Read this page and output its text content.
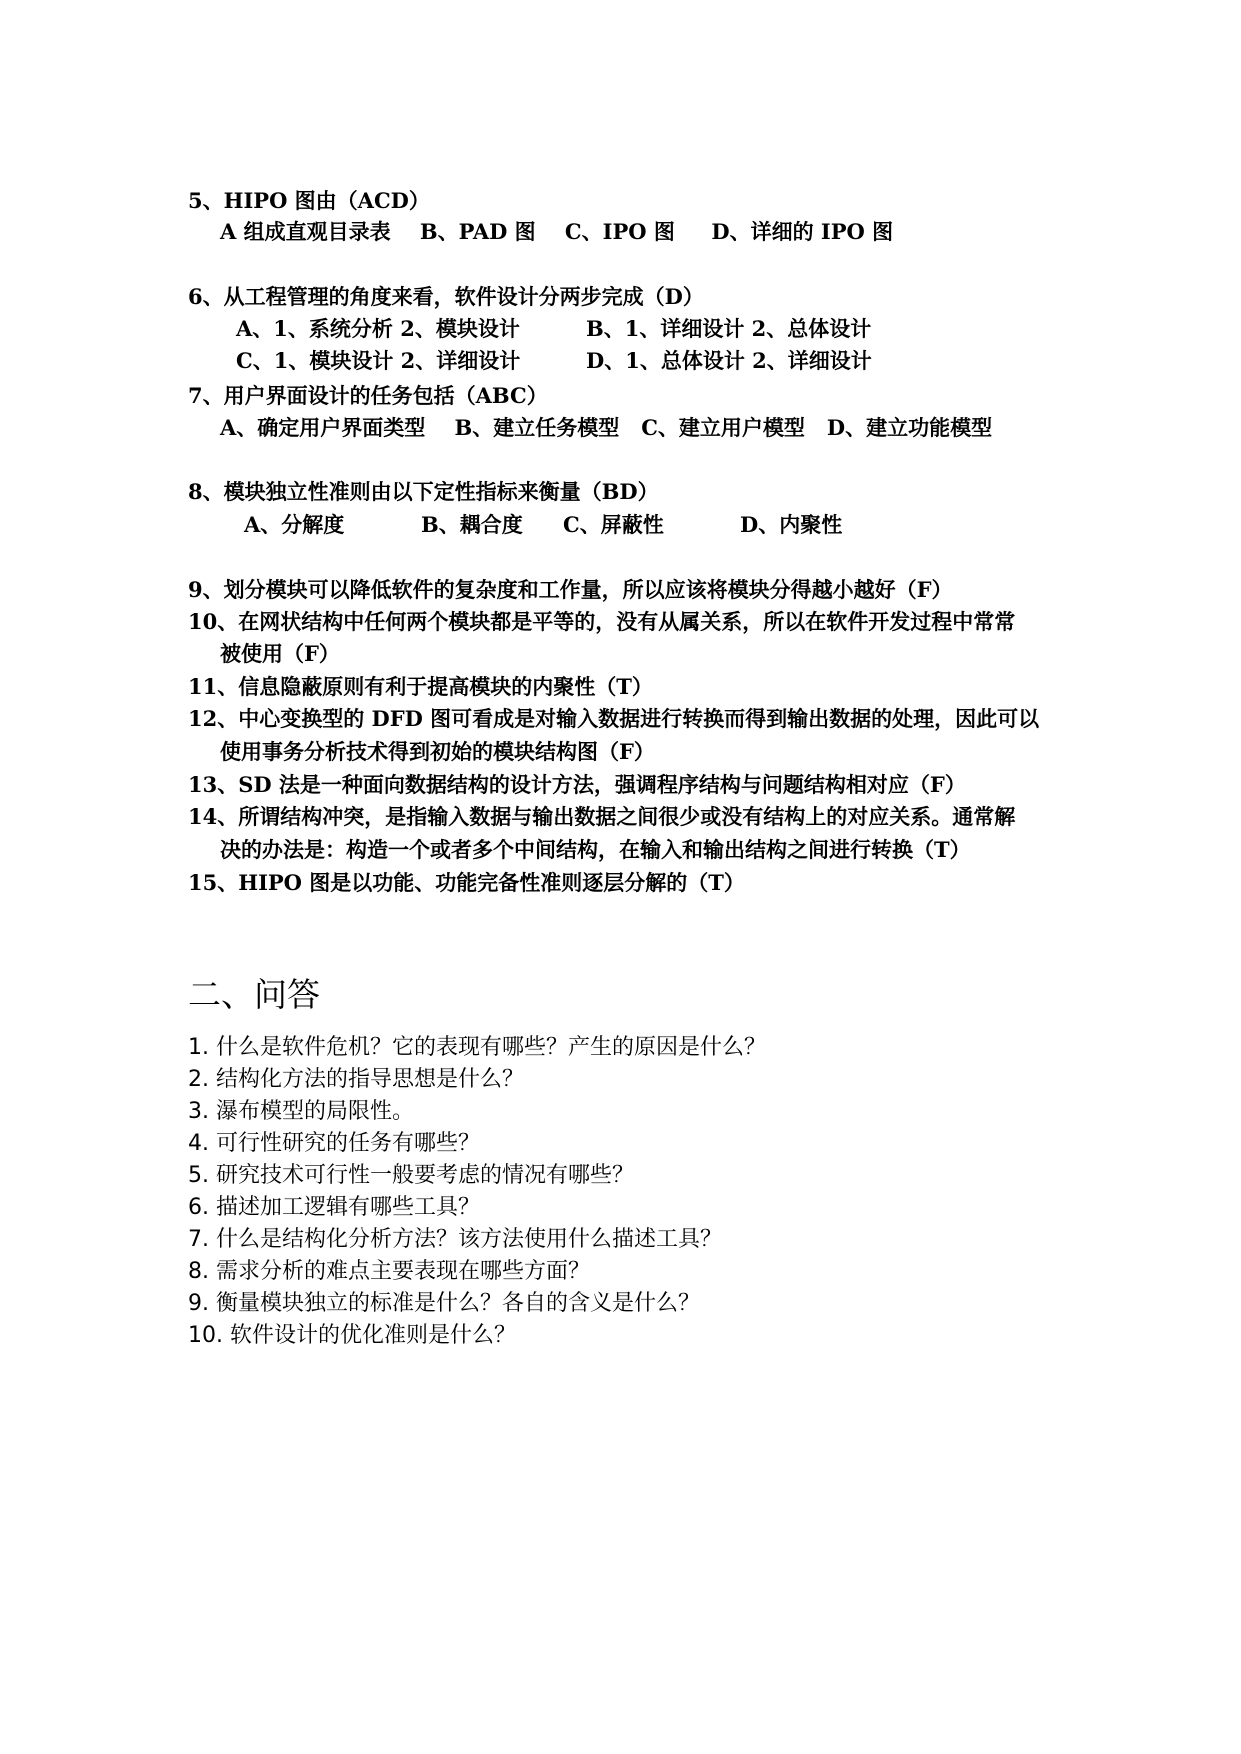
5、HIPO 图由（ACD）
A 组成直观目录表    B、PAD 图    C、IPO 图     D、详细的 IPO 图
6、从工程管理的角度来看，软件设计分两步完成（D）
A、1、系统分析 2、模块设计	B、1、详细设计 2、总体设计
C、1、模块设计 2、详细设计	D、1、总体设计 2、详细设计
7、用户界面设计的任务包括（ABC）
A、确定用户界面类型    B、建立任务模型   C、建立用户模型   D、建立功能模型
8、模块独立性准则由以下定性指标来衡量（BD）
A、分解度	B、耦合度 C、屏蔽性	D、内聚性
9、划分模块可以降低软件的复杂度和工作量，所以应该将模块分得越小越好（F）
10、在网状结构中任何两个模块都是平等的，没有从属关系，所以在软件开发过程中常常
被使用（F）
11、信息隐蔽原则有利于提高模块的内聚性（T）
12、中心变换型的 DFD 图可看成是对输入数据进行转换而得到输出数据的处理，因此可以
使用事务分析技术得到初始的模块结构图（F）
13、SD 法是一种面向数据结构的设计方法，强调程序结构与问题结构相对应（F）
14、所谓结构冲突，是指输入数据与输出数据之间很少或没有结构上的对应关系。通常解
决的办法是：构造一个或者多个中间结构，在输入和输出结构之间进行转换（T）
15、HIPO 图是以功能、功能完备性准则逐层分解的（T）
二、问答
1. 什么是软件危机？它的表现有哪些？产生的原因是什么？
2. 结构化方法的指导思想是什么？
3. 瀑布模型的局限性。
4. 可行性研究的任务有哪些？
5. 研究技术可行性一般要考虑的情况有哪些？
6. 描述加工逻辑有哪些工具？
7. 什么是结构化分析方法？该方法使用什么描述工具？
8. 需求分析的难点主要表现在哪些方面？
9. 衡量模块独立的标准是什么？各自的含义是什么？
10. 软件设计的优化准则是什么？
